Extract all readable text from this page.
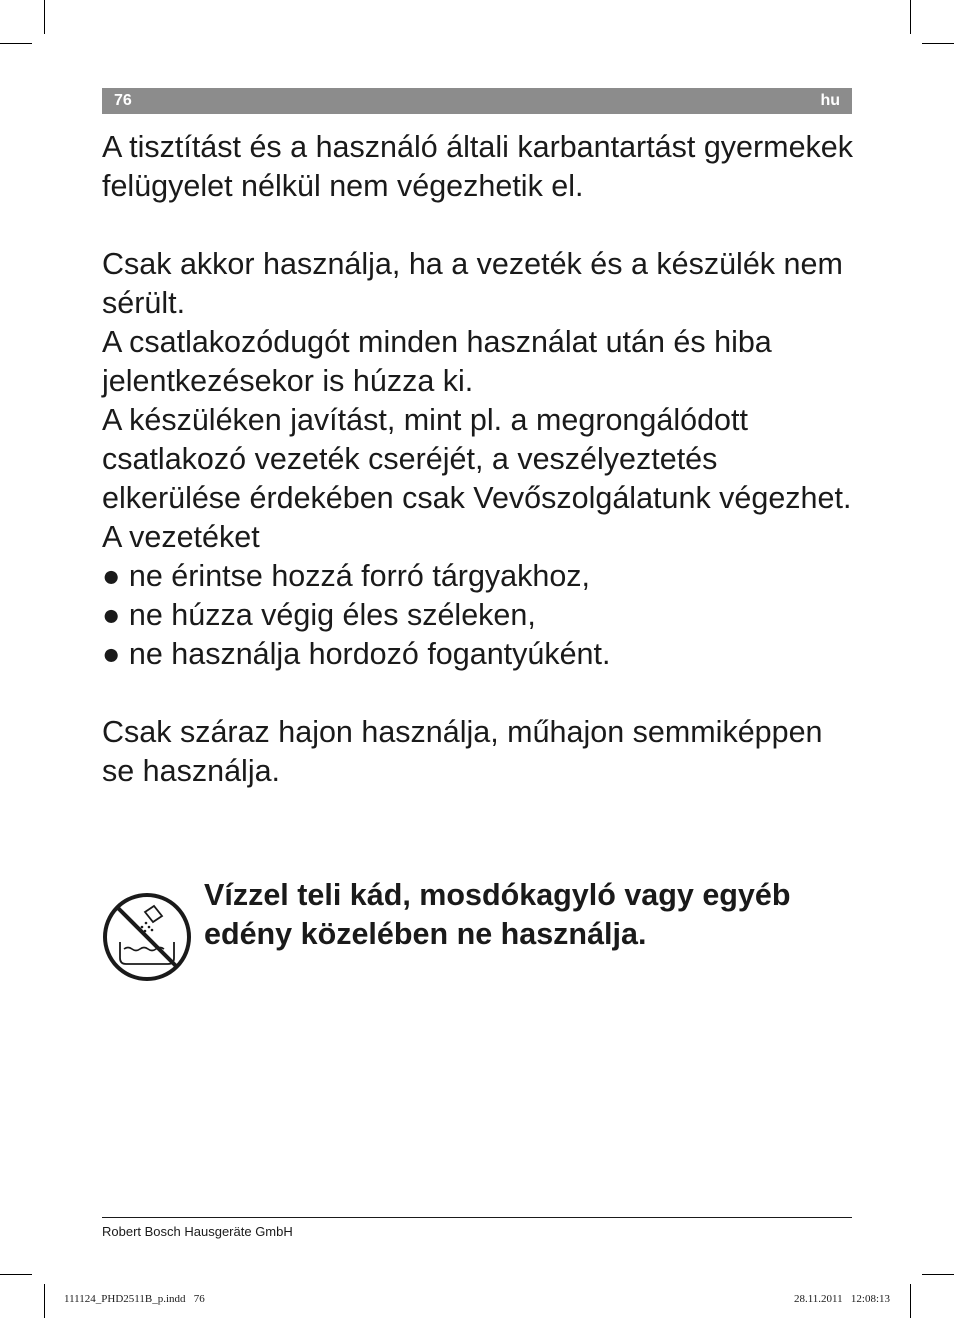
76	hu

A tisztítást és a használó általi karbantartást gyermekek felügyelet nélkül nem végezhetik el.

Csak akkor használja, ha a vezeték és a készülék nem sérült.

A csatlakozódugót minden használat után és hiba jelentkezésekor is húzza ki.

A készüléken javítást, mint pl. a megrongálódott csatlakozó vezeték cseréjét, a veszélyeztetés elkerülése érdekében csak Vevőszolgálatunk végezhet.

A vezetéket

● ne érintse hozzá forró tárgyakhoz,
● ne húzza végig éles széleken,
● ne használja hordozó fogantyúként.

Csak száraz hajon használja, műhajon semmiképpen se használja.

Vízzel teli kád, mosdókagyló vagy egyéb edény közelében ne használja.
Robert Bosch Hausgeräte GmbH
111124_PHD2511B_p.indd   76	28.11.2011   12:08:13
